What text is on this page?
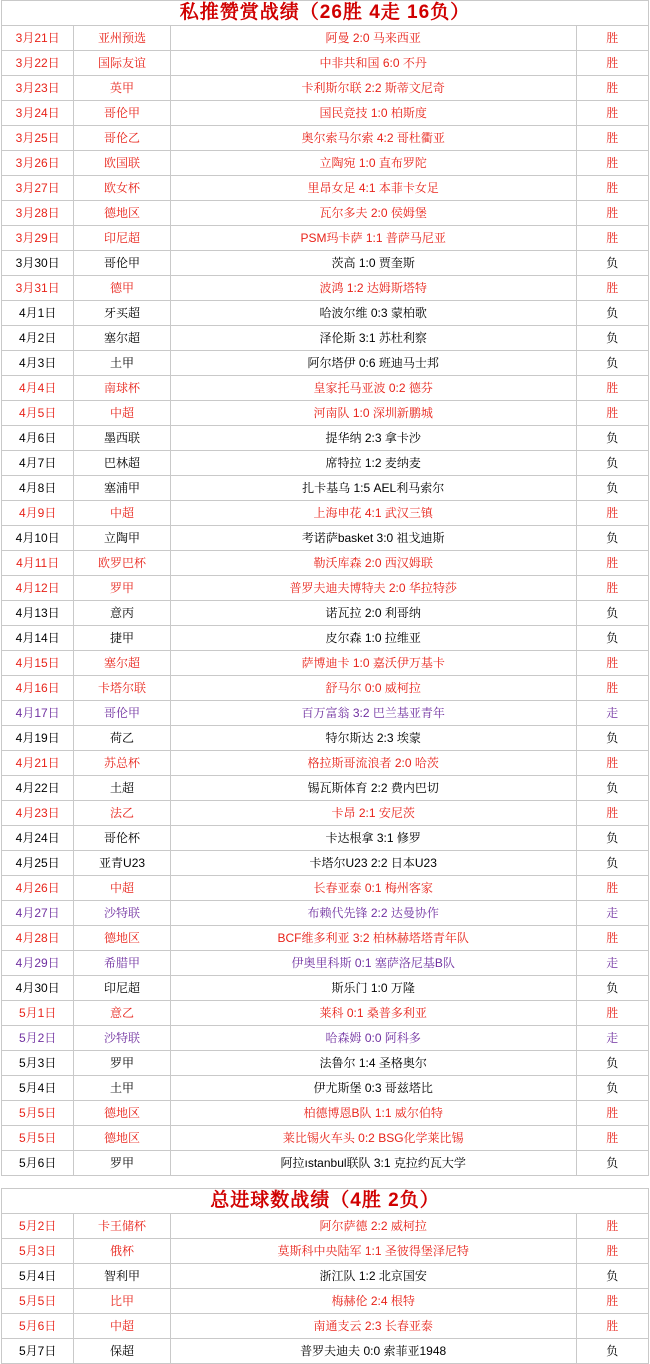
私推赞赏战绩（26胜 4走 16负）			
3月21日	亚州预选	阿曼 2:0 马来西亚	胜
3月22日	国际友谊	中非共和国 6:0 不丹	胜
3月23日	英甲	卡利斯尔联 2:2 斯蒂文尼奇	胜
3月24日	哥伦甲	国民竞技 1:0 柏斯度	胜
3月25日	哥伦乙	奥尔索马尔索 4:2 哥杜衢亚	胜
3月26日	欧国联	立陶宛 1:0 直布罗陀	胜
3月27日	欧女杯	里昂女足 4:1 本菲卡女足	胜
3月28日	德地区	瓦尔多夫 2:0 侯姆堡	胜
3月29日	印尼超	PSM玛卡萨 1:1 普萨马尼亚	胜
3月30日	哥伦甲	茨高 1:0 贾奎斯	负
3月31日	德甲	波鸿 1:2 达姆斯塔特	胜
4月1日	牙买超	哈波尔维 0:3 蒙柏歌	负
4月2日	塞尔超	泽伦斯 3:1 苏杜利察	负
4月3日	土甲	阿尔塔伊 0:6 班迪马士邦	负
4月4日	南球杯	皇家托马亚波 0:2 德芬	胜
4月5日	中超	河南队 1:0 深圳新鹏城	胜
4月6日	墨西联	提华纳 2:3 拿卡沙	负
4月7日	巴林超	席特拉 1:2 麦纳麦	负
4月8日	塞浦甲	扎卡基乌 1:5 AEL利马索尔	负
4月9日	中超	上海申花 4:1 武汉三镇	胜
4月10日	立陶甲	考诺萨basket 3:0 祖戈迪斯	负
4月11日	欧罗巴杯	勒沃库森 2:0 西汉姆联	胜
4月12日	罗甲	普罗夫迪夫博特夫 2:0 华拉特莎	胜
4月13日	意丙	诺瓦拉 2:0 利哥纳	负
4月14日	捷甲	皮尔森 1:0 拉维亚	负
4月15日	塞尔超	萨博迪卡 1:0 嘉沃伊万基卡	胜
4月16日	卡塔尔联	舒马尔 0:0 威柯拉	胜
4月17日	哥伦甲	百万富翁 3:2 巴兰基亚青年	走
4月19日	荷乙	特尔斯达 2:3 埃蒙	负
4月21日	苏总杯	格拉斯哥流浪者 2:0 哈茨	胜
4月22日	土超	锡瓦斯体育 2:2 费内巴切	负
4月23日	法乙	卡昂 2:1 安尼茨	胜
4月24日	哥伦杯	卡达根拿 3:1 修罗	负
4月25日	亚青U23	卡塔尔U23 2:2 日本U23	负
4月26日	中超	长春亚泰 0:1 梅州客家	胜
4月27日	沙特联	布赖代先锋 2:2 达曼协作	走
4月28日	德地区	BCF维多利亚 3:2 柏林赫塔塔青年队	胜
4月29日	希腊甲	伊奥里科斯 0:1 塞萨洛尼基B队	走
4月30日	印尼超	斯乐门 1:0 万隆	负
5月1日	意乙	莱科 0:1 桑普多利亚	胜
5月2日	沙特联	哈森姆 0:0 阿科多	走
5月3日	罗甲	法鲁尔 1:4 圣格奥尔	负
5月4日	土甲	伊尤斯堡 0:3 哥兹塔比	负
5月5日	德地区	柏德博恩B队 1:1 威尔伯特	胜
5月5日	德地区	莱比锡火车头 0:2 BSG化学莱比锡	胜
5月6日	罗甲	阿拉ıstanbul联队 3:1 克拉约瓦大学	负
总进球数战绩（4胜 2负）			
5月2日	卡王储杯	阿尔萨德 2:2 威柯拉	胜
5月3日	俄杯	莫斯科中央陆军 1:1 圣彼得堡泽尼特	胜
5月4日	智利甲	浙江队 1:2 北京国安	负
5月5日	比甲	梅赫伦 2:4 根特	胜
5月6日	中超	南通支云 2:3 长春亚泰	胜
5月7日	保超	普罗夫迪夫 0:0 索菲亚1948	负
